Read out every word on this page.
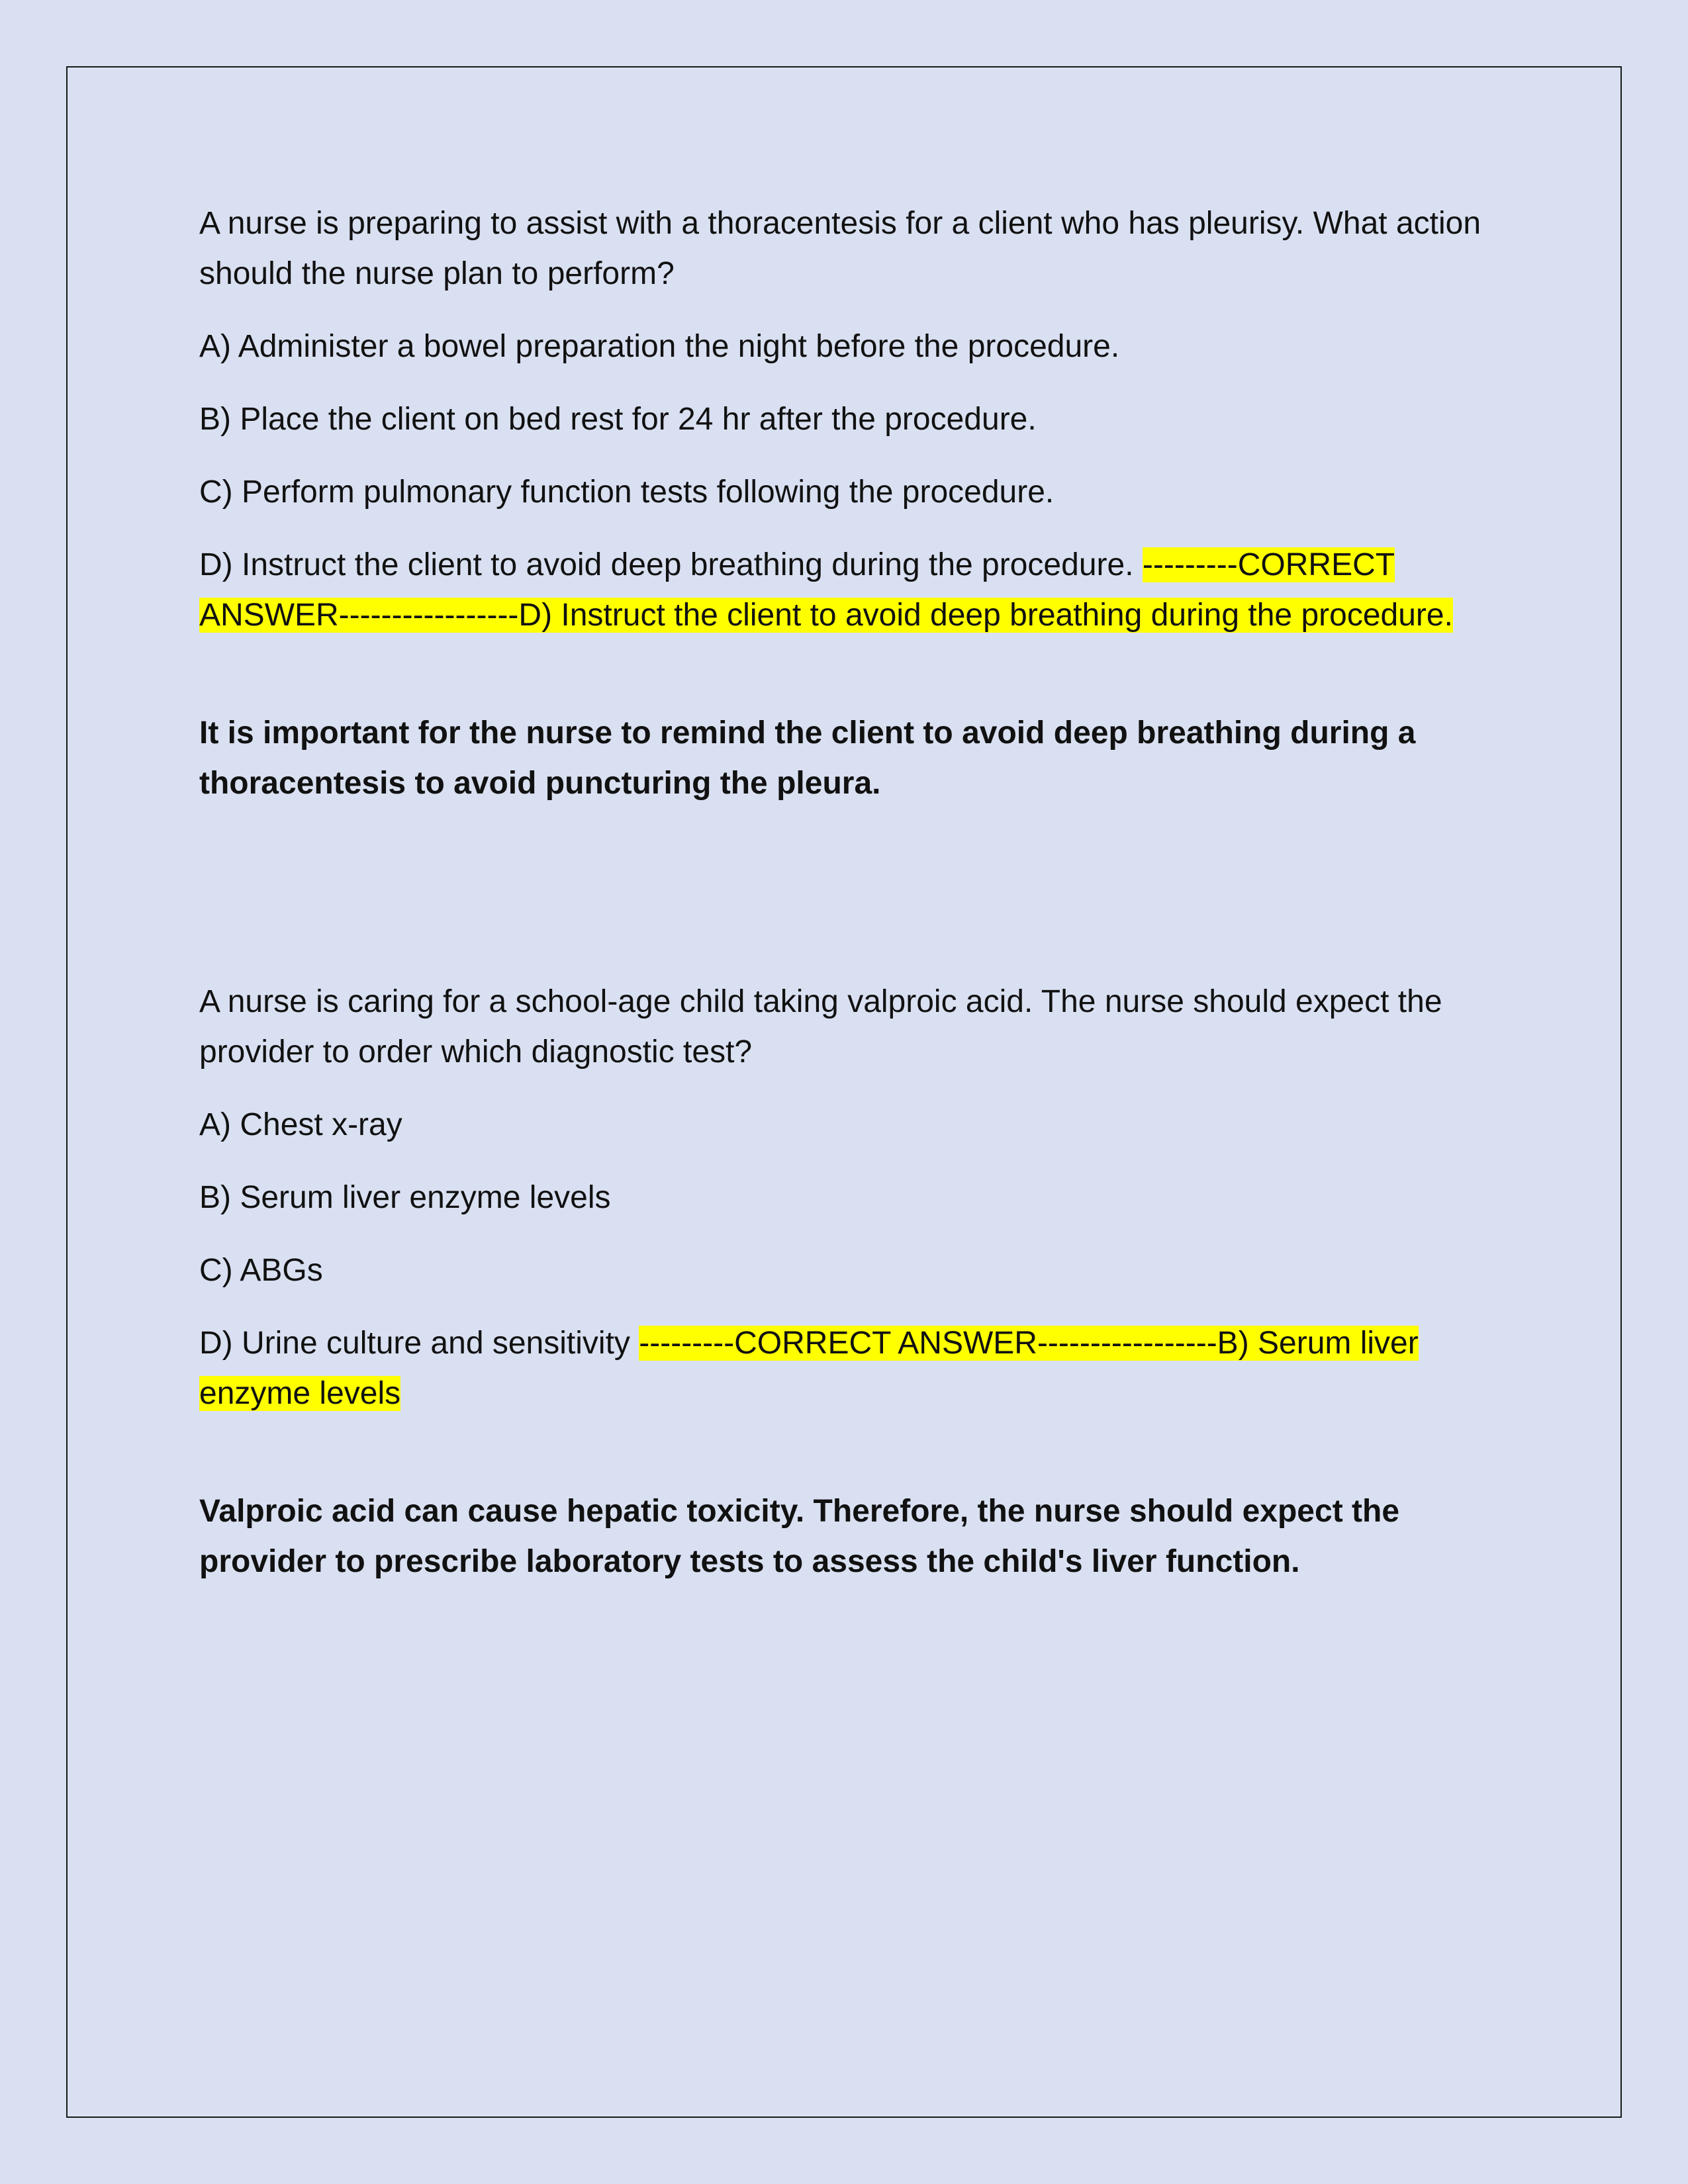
A nurse is preparing to assist with a thoracentesis for a client who has pleurisy. What action should the nurse plan to perform?

A) Administer a bowel preparation the night before the procedure.

B) Place the client on bed rest for 24 hr after the procedure.

C) Perform pulmonary function tests following the procedure.

D) Instruct the client to avoid deep breathing during the procedure. ---------CORRECT ANSWER-----------------D) Instruct the client to avoid deep breathing during the procedure.

It is important for the nurse to remind the client to avoid deep breathing during a thoracentesis to avoid puncturing the pleura.

A nurse is caring for a school-age child taking valproic acid. The nurse should expect the provider to order which diagnostic test?

A) Chest x-ray

B) Serum liver enzyme levels

C) ABGs

D) Urine culture and sensitivity ---------CORRECT ANSWER-----------------B) Serum liver enzyme levels

Valproic acid can cause hepatic toxicity. Therefore, the nurse should expect the provider to prescribe laboratory tests to assess the child's liver function.
